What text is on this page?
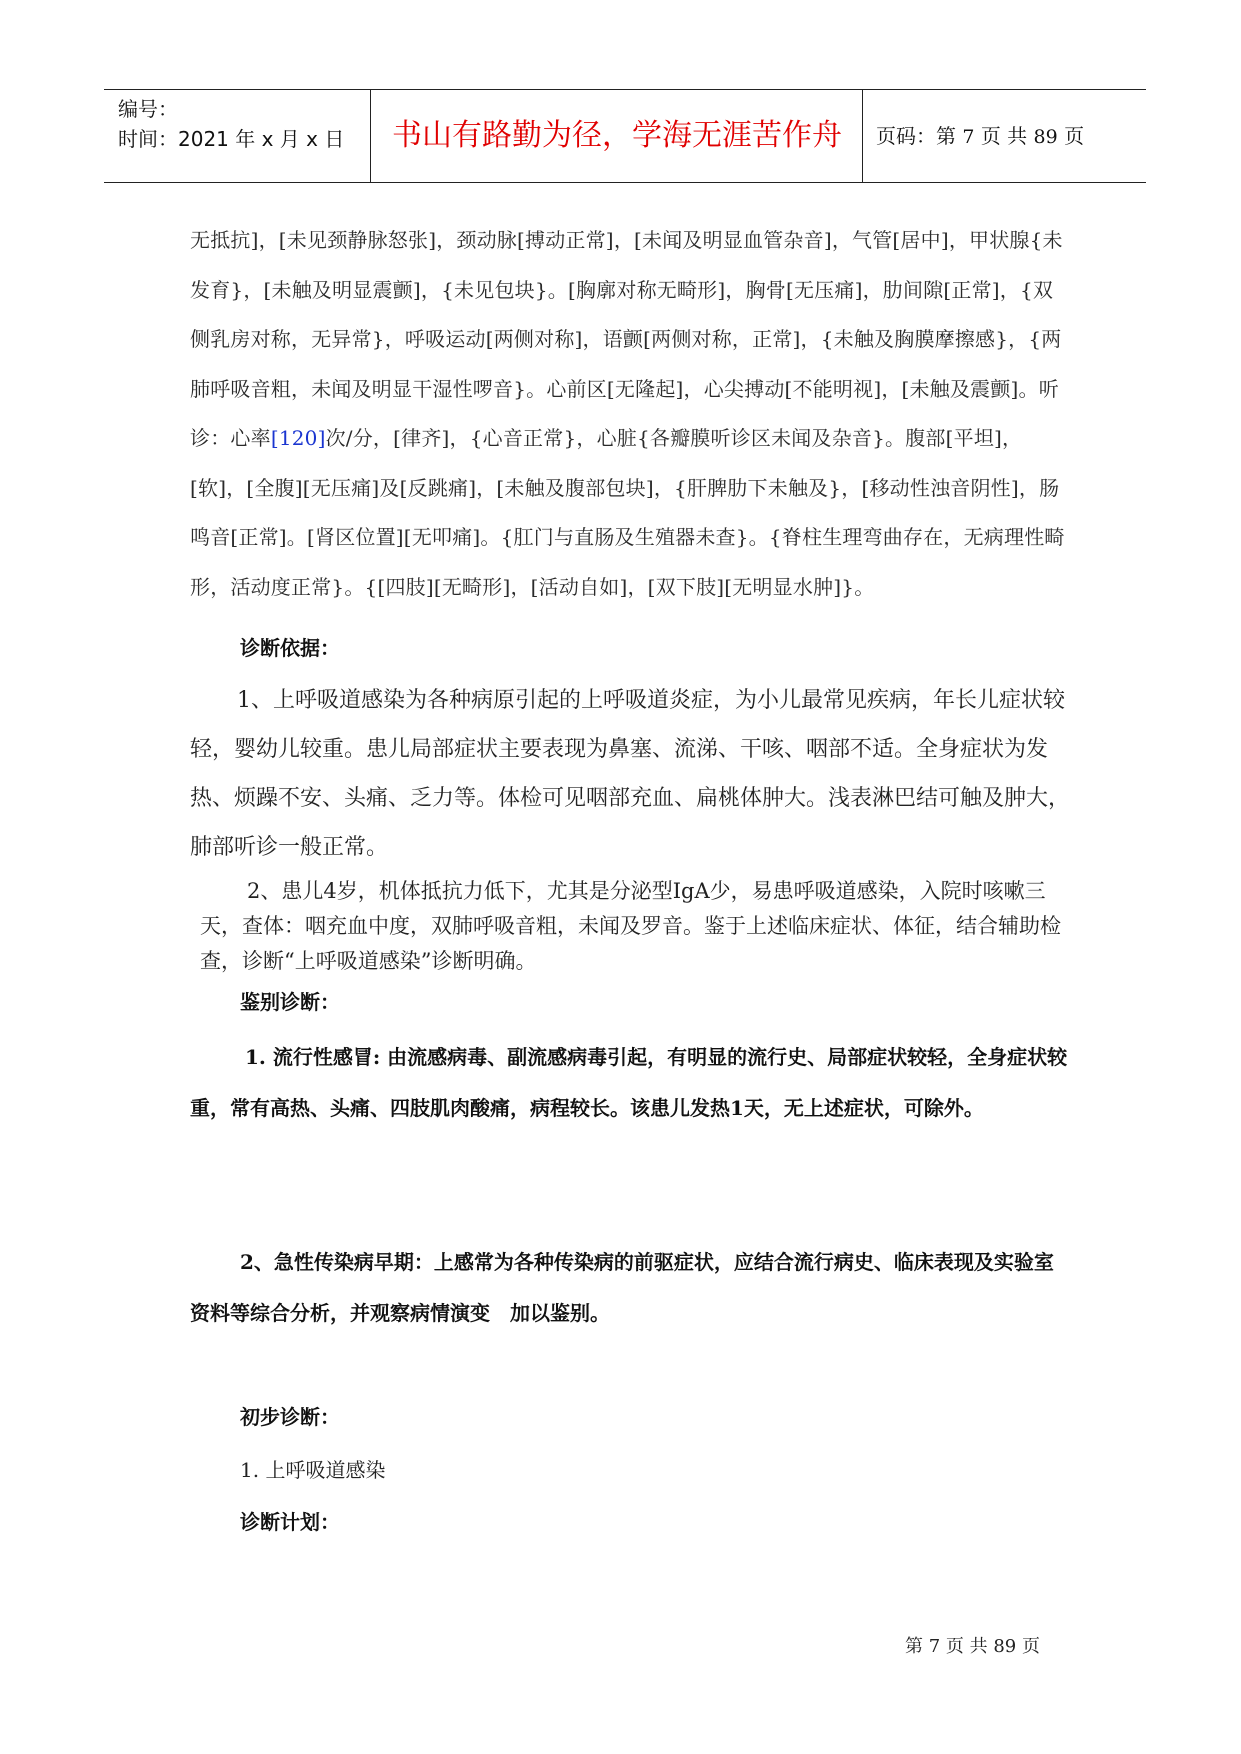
编号：
时间：2021 年 x 月 x 日	书山有路勤为径，学海无涯苦作舟	页码：第 7 页 共 89 页

无抵抗]，[未见颈静脉怒张]，颈动脉[搏动正常]，[未闻及明显血管杂音]，气管[居中]，甲状腺{未发育}，[未触及明显震颤]，{未见包块}。[胸廓对称无畸形]，胸骨[无压痛]，肋间隙[正常]，{双侧乳房对称，无异常}，呼吸运动[两侧对称]，语颤[两侧对称，正常]，{未触及胸膜摩擦感}，{两肺呼吸音粗，未闻及明显干湿性啰音}。心前区[无隆起]，心尖搏动[不能明视]，[未触及震颤]。听诊：心率[120]次/分，[律齐]，{心音正常}，心脏{各瓣膜听诊区未闻及杂音}。腹部[平坦]，[软]，[全腹][无压痛]及[反跳痛]，[未触及腹部包块]，{肝脾肋下未触及}，[移动性浊音阴性]，肠鸣音[正常]。[肾区位置][无叩痛]。{肛门与直肠及生殖器未查}。{脊柱生理弯曲存在，无病理性畸形，活动度正常}。{[四肢][无畸形]，[活动自如]，[双下肢][无明显水肿]}。

诊断依据：

1、上呼吸道感染为各种病原引起的上呼吸道炎症，为小儿最常见疾病，年长儿症状较轻，婴幼儿较重。患儿局部症状主要表现为鼻塞、流涕、干咳、咽部不适。全身症状为发热、烦躁不安、头痛、乏力等。体检可见咽部充血、扁桃体肿大。浅表淋巴结可触及肿大，肺部听诊一般正常。

2、患儿4岁，机体抵抗力低下，尤其是分泌型IgA少，易患呼吸道感染，入院时咳嗽三天，查体：咽充血中度，双肺呼吸音粗，未闻及罗音。鉴于上述临床症状、体征，结合辅助检查，诊断“上呼吸道感染”诊断明确。

鉴别诊断：

1. 流行性感冒: 由流感病毒、副流感病毒引起，有明显的流行史、局部症状较轻，全身症状较重，常有高热、头痛、四肢肌肉酸痛，病程较长。该患儿发热1天，无上述症状，可除外。

2、急性传染病早期：上感常为各种传染病的前驱症状，应结合流行病史、临床表现及实验室资料等综合分析，并观察病情演变　加以鉴别。

初步诊断：

1. 上呼吸道感染

诊断计划：

第 7 页 共 89 页
